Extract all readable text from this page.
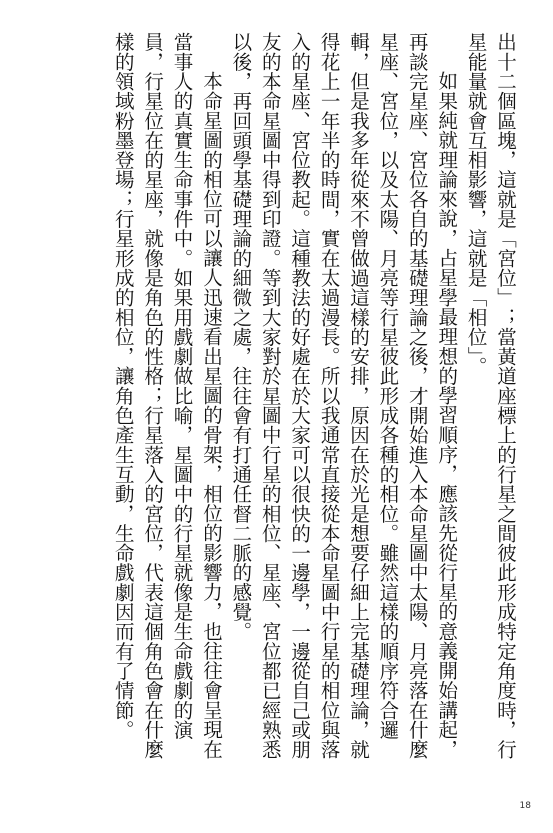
出十二個區塊，這就是「宮位」；當黃道座標上的行星之間彼此形成特定角度時，行星能量就會互相影響，這就是「相位」。

如果純就理論來說，占星學最理想的學習順序，應該先從行星的意義開始講起，再談完星座、宮位各自的基礎理論之後，才開始進入本命星圖中太陽、月亮落在什麼星座、宮位，以及太陽、月亮等行星彼此形成各種的相位。雖然這樣的順序符合邏輯，但是我多年從來不曾做過這樣的安排，原因在於光是想要仔細上完基礎理論，就得花上一年半的時間，實在太過漫長。所以我通常直接從本命星圖中行星的相位與落入的星座、宮位教起。這種教法的好處在於大家可以很快的一邊學，一邊從自己或朋友的本命星圖中得到印證。等到大家對於星圖中行星的相位、星座、宮位都已經熟悉以後，再回頭學基礎理論的細微之處，往往會有打通任督二脈的感覺。

本命星圖的相位可以讓人迅速看出星圖的骨架，相位的影響力，也往往會呈現在當事人的真實生命事件中。如果用戲劇做比喻，星圖中的行星就像是生命戲劇的演員，行星位在的星座，就像是角色的性格；行星落入的宮位，代表這個角色會在什麼樣的領域粉墨登場；行星形成的相位，讓角色產生互動，生命戲劇因而有了情節。

18
